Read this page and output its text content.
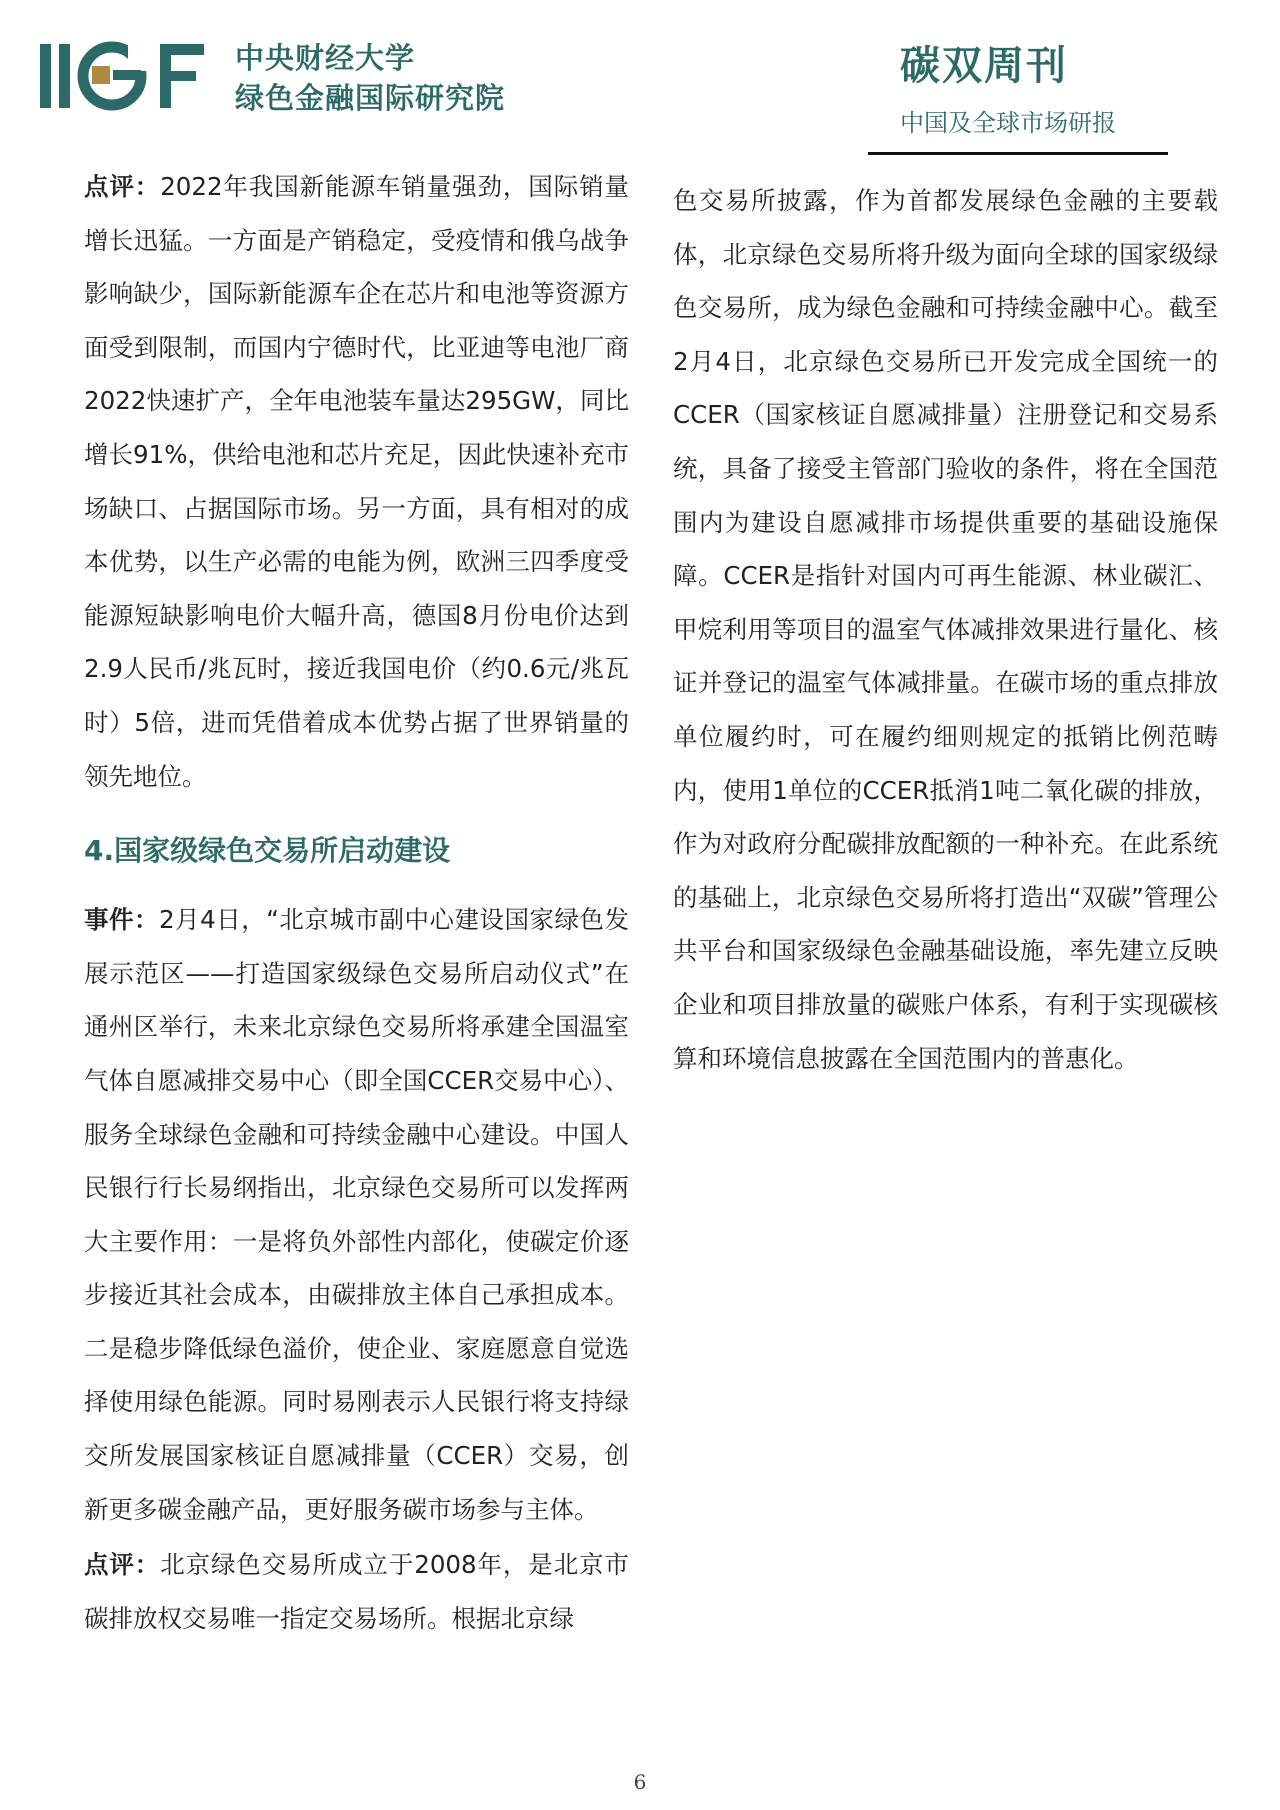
中央财经大学
绿色金融国际研究院
碳双周刊
中国及全球市场研报

点评：2022年我国新能源车销量强劲，国际销量增长迅猛。一方面是产销稳定，受疫情和俄乌战争影响缺少，国际新能源车企在芯片和电池等资源方面受到限制，而国内宁德时代，比亚迪等电池厂商2022快速扩产，全年电池装车量达295GW，同比增长91%，供给电池和芯片充足，因此快速补充市场缺口、占据国际市场。另一方面，具有相对的成本优势，以生产必需的电能为例，欧洲三四季度受能源短缺影响电价大幅升高，德国8月份电价达到2.9人民币/兆瓦时，接近我国电价（约0.6元/兆瓦时）5倍，进而凭借着成本优势占据了世界销量的领先地位。

4.国家级绿色交易所启动建设

事件：2月4日，“北京城市副中心建设国家绿色发展示范区——打造国家级绿色交易所启动仪式”在通州区举行，未来北京绿色交易所将承建全国温室气体自愿减排交易中心（即全国CCER交易中心）、服务全球绿色金融和可持续金融中心建设。中国人民银行行长易纲指出，北京绿色交易所可以发挥两大主要作用：一是将负外部性内部化，使碳定价逐步接近其社会成本，由碳排放主体自己承担成本。二是稳步降低绿色溢价，使企业、家庭愿意自觉选择使用绿色能源。同时易刚表示人民银行将支持绿交所发展国家核证自愿减排量（CCER）交易，创新更多碳金融产品，更好服务碳市场参与主体。

点评：北京绿色交易所成立于2008年，是北京市碳排放权交易唯一指定交易场所。根据北京绿

色交易所披露，作为首都发展绿色金融的主要载体，北京绿色交易所将升级为面向全球的国家级绿色交易所，成为绿色金融和可持续金融中心。截至2月4日，北京绿色交易所已开发完成全国统一的CCER（国家核证自愿减排量）注册登记和交易系统，具备了接受主管部门验收的条件，将在全国范围内为建设自愿减排市场提供重要的基础设施保障。CCER是指针对国内可再生能源、林业碳汇、甲烷利用等项目的温室气体减排效果进行量化、核证并登记的温室气体减排量。在碳市场的重点排放单位履约时，可在履约细则规定的抵销比例范畴内，使用1单位的CCER抵消1吨二氧化碳的排放，作为对政府分配碳排放配额的一种补充。在此系统的基础上，北京绿色交易所将打造出“双碳”管理公共平台和国家级绿色金融基础设施，率先建立反映企业和项目排放量的碳账户体系，有利于实现碳核算和环境信息披露在全国范围内的普惠化。

6
